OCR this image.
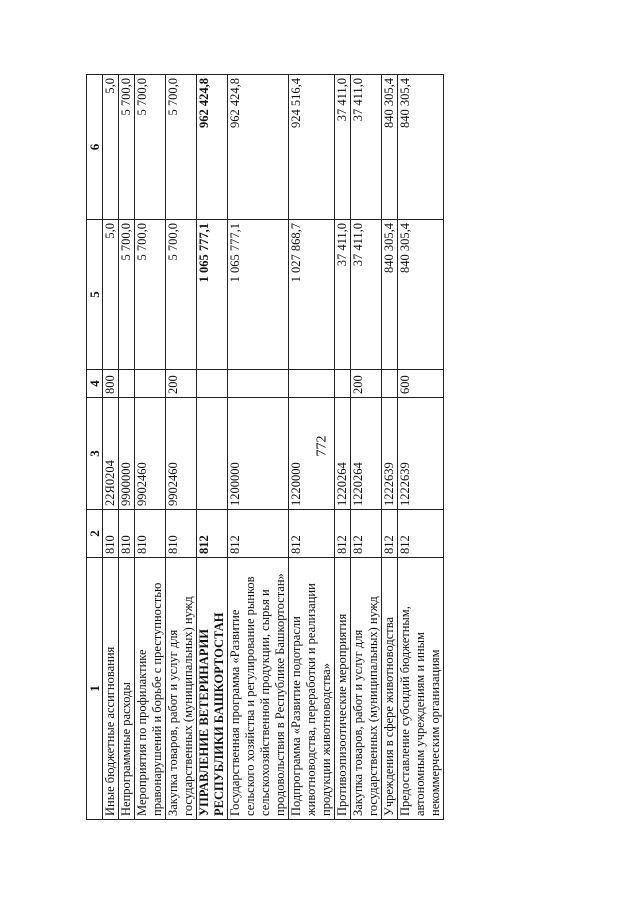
772
1	2	3	4	5	6
Иные бюджетные ассигнования	810	22Я0204	800	5,0	5,0
Непрограммные расходы	810	9900000		5 700,0	5 700,0
Мероприятия по профилактике правонарушений и борьбе с преступностью	810	9902460		5 700,0	5 700,0
Закупка товаров, работ и услуг для государственных (муниципальных) нужд	810	9902460	200	5 700,0	5 700,0
УПРАВЛЕНИЕ ВЕТЕРИНАРИИ РЕСПУБЛИКИ БАШКОРТОСТАН	812			1 065 777,1	962 424,8
Государственная программа «Развитие сельского хозяйства и регулирование рынков сельскохозяйственной продукции, сырья и продовольствия в Республике Башкортостан»	812	1200000		1 065 777,1	962 424,8
Подпрограмма «Развитие подотрасли животноводства, переработки и реализации продукции животноводства»	812	1220000		1 027 868,7	924 516,4
Противоэпизоотические мероприятия	812	1220264		37 411,0	37 411,0
Закупка товаров, работ и услуг для государственных (муниципальных) нужд	812	1220264	200	37 411,0	37 411,0
Учреждения в сфере животноводства	812	1222639		840 305,4	840 305,4
Предоставление субсидий бюджетным, автономным учреждениям и иным некоммерческим организациям	812	1222639	600	840 305,4	840 305,4
